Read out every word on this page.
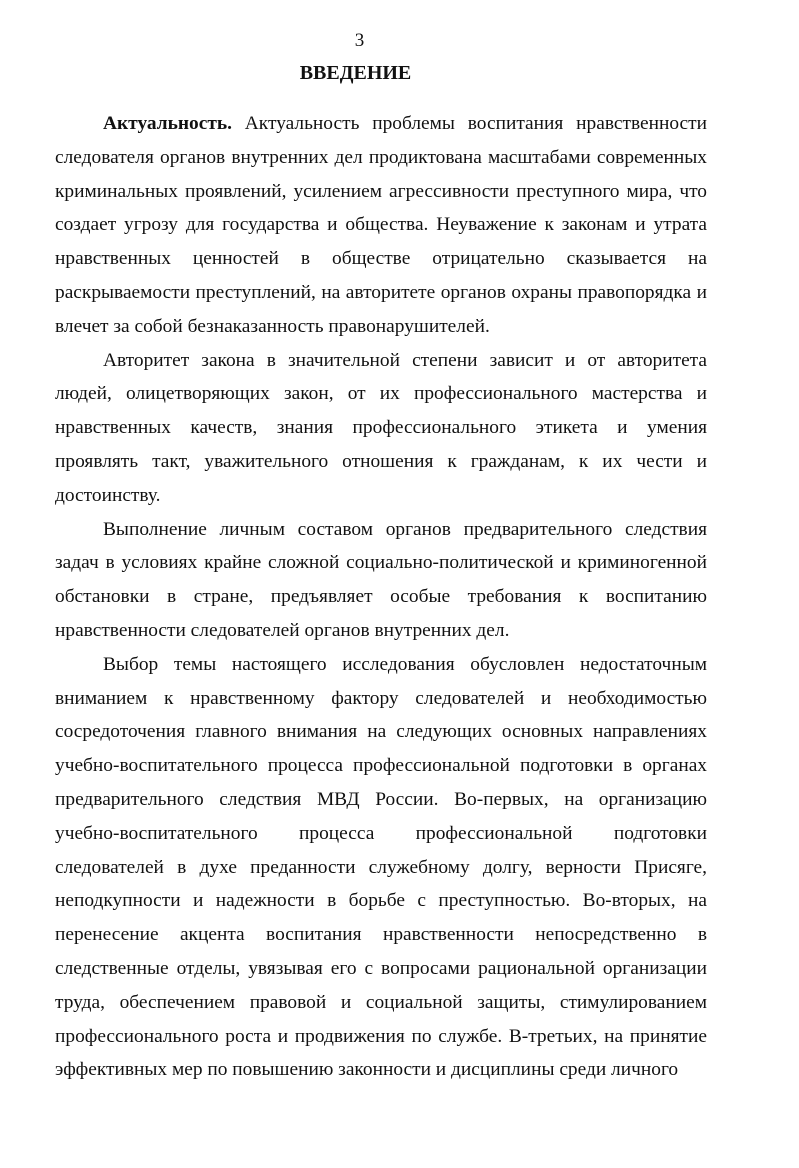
3
ВВЕДЕНИЕ

Актуальность. Актуальность проблемы воспитания нравственности следователя органов внутренних дел продиктована масштабами современных криминальных проявлений, усилением агрессивности преступного мира, что создает угрозу для государства и общества. Неуважение к законам и утрата нравственных ценностей в обществе отрицательно сказывается на раскрываемости преступлений, на авторитете органов охраны правопорядка и влечет за собой безнаказанность правонарушителей.

Авторитет закона в значительной степени зависит и от авторитета людей, олицетворяющих закон, от их профессионального мастерства и нравственных качеств, знания профессионального этикета и умения проявлять такт, уважительного отношения к гражданам, к их чести и достоинству.

Выполнение личным составом органов предварительного следствия задач в условиях крайне сложной социально-политической и криминогенной обстановки в стране, предъявляет особые требования к воспитанию нравственности следователей органов внутренних дел.

Выбор темы настоящего исследования обусловлен недостаточным вниманием к нравственному фактору следователей и необходимостью сосредоточения главного внимания на следующих основных направлениях учебно-воспитательного процесса профессиональной подготовки в органах предварительного следствия МВД России. Во-первых, на организацию учебно-воспитательного процесса профессиональной подготовки следователей в духе преданности служебному долгу, верности Присяге, неподкупности и надежности в борьбе с преступностью. Во-вторых, на перенесение акцента воспитания нравственности непосредственно в следственные отделы, увязывая его с вопросами рациональной организации труда, обеспечением правовой и социальной защиты, стимулированием профессионального роста и продвижения по службе. В-третьих, на принятие эффективных мер по повышению законности и дисциплины среди личного
